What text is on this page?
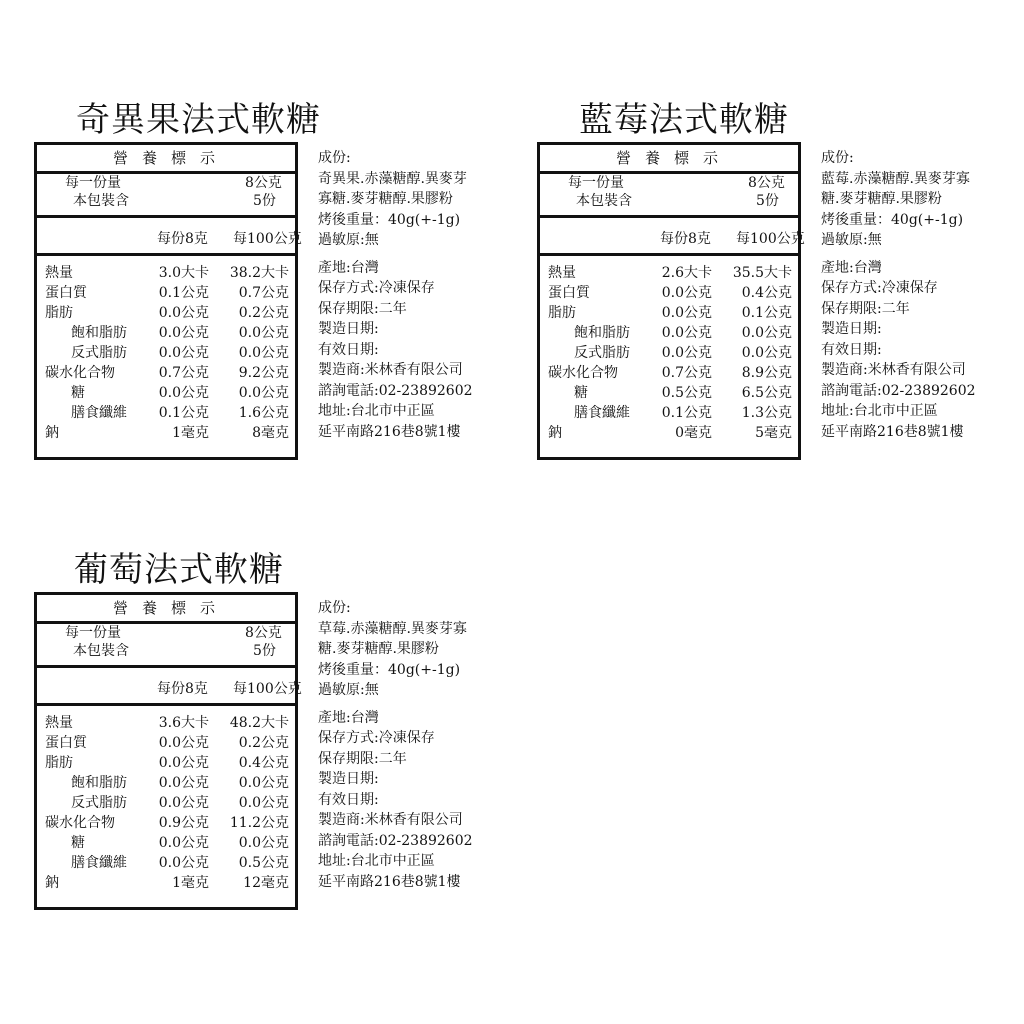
奇異果法式軟糖
營養標示
每一份量	8公克
本包裝含	5份
每份8克 每100公克
熱量	3.0大卡 38.2大卡
蛋白質	0.1公克 0.7公克
脂肪	0.0公克 0.2公克
飽和脂肪 0.0公克 0.0公克
反式脂肪 0.0公克 0.0公克
碳水化合物	0.7公克 9.2公克
糖	0.0公克 0.0公克
膳食纖維 0.1公克 1.6公克
鈉	1毫克	8毫克
成份:
奇異果.赤藻糖醇.異麥芽
寡糖.麥芽糖醇.果膠粉
烤後重量：40g(+-1g)
過敏原:無
產地:台灣
保存方式:冷凍保存
保存期限:二年
製造日期:
有效日期:
製造商:米林香有限公司
諮詢電話:02-23892602
地址:台北市中正區
延平南路216巷8號1樓
藍莓法式軟糖
營養標示
每一份量	8公克
本包裝含	5份
每份8克 每100公克
熱量	2.6大卡 35.5大卡
蛋白質	0.0公克 0.4公克
脂肪	0.0公克 0.1公克
飽和脂肪 0.0公克 0.0公克
反式脂肪 0.0公克 0.0公克
碳水化合物	0.7公克 8.9公克
糖	0.5公克 6.5公克
膳食纖維 0.1公克 1.3公克
鈉	0毫克	5毫克
成份:
藍莓.赤藻糖醇.異麥芽寡
糖.麥芽糖醇.果膠粉
烤後重量：40g(+-1g)
過敏原:無
產地:台灣
保存方式:冷凍保存
保存期限:二年
製造日期:
有效日期:
製造商:米林香有限公司
諮詢電話:02-23892602
地址:台北市中正區
延平南路216巷8號1樓
葡萄法式軟糖
營養標示
每一份量	8公克
本包裝含	5份
每份8克 每100公克
熱量	3.6大卡 48.2大卡
蛋白質	0.0公克 0.2公克
脂肪	0.0公克 0.4公克
飽和脂肪 0.0公克 0.0公克
反式脂肪 0.0公克 0.0公克
碳水化合物	0.9公克 11.2公克
糖	0.0公克 0.0公克
膳食纖維 0.0公克 0.5公克
鈉	1毫克 12毫克
成份:
草莓.赤藻糖醇.異麥芽寡
糖.麥芽糖醇.果膠粉
烤後重量：40g(+-1g)
過敏原:無
產地:台灣
保存方式:冷凍保存
保存期限:二年
製造日期:
有效日期:
製造商:米林香有限公司
諮詢電話:02-23892602
地址:台北市中正區
延平南路216巷8號1樓
